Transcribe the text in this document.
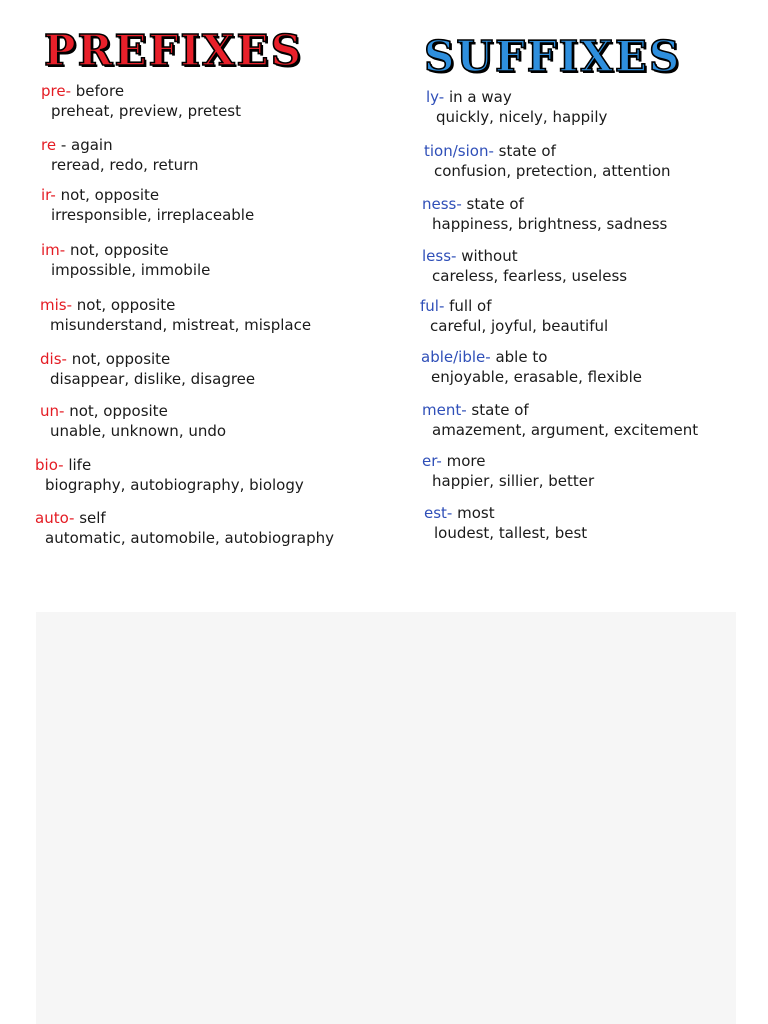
PREFIXES	SUFFIXES
pre- before
preheat, preview, pretest
re - again
reread, redo, return
ir- not, opposite
irresponsible, irreplaceable
im- not, opposite
impossible, immobile
mis- not, opposite
misunderstand, mistreat, misplace
dis- not, opposite
disappear, dislike, disagree
un- not, opposite
unable, unknown, undo
bio- life
biography, autobiography, biology
auto- self
automatic, automobile, autobiography
ly- in a way
quickly, nicely, happily
tion/sion- state of
confusion, pretection, attention
ness- state of
happiness, brightness, sadness
less- without
careless, fearless, useless
ful- full of
careful, joyful, beautiful
able/ible- able to
enjoyable, erasable, flexible
ment- state of
amazement, argument, excitement
er- more
happier, sillier, better
est- most
loudest, tallest, best
